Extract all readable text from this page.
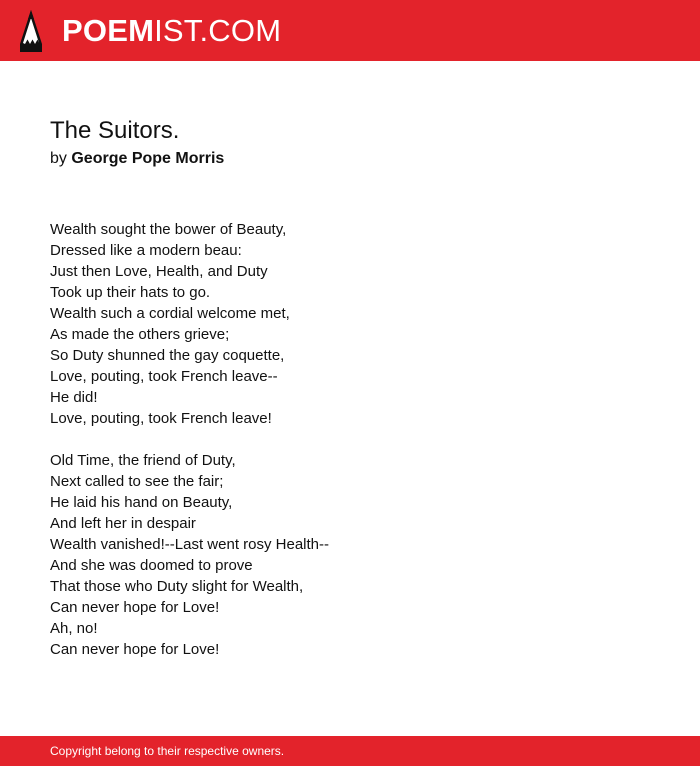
POEMIST.COM
The Suitors.
by George Pope Morris
Wealth sought the bower of Beauty,
Dressed like a modern beau:
Just then Love, Health, and Duty
Took up their hats to go.
Wealth such a cordial welcome met,
As made the others grieve;
So Duty shunned the gay coquette,
Love, pouting, took French leave--
He did!
Love, pouting, took French leave!
Old Time, the friend of Duty,
Next called to see the fair;
He laid his hand on Beauty,
And left her in despair
Wealth vanished!--Last went rosy Health--
And she was doomed to prove
That those who Duty slight for Wealth,
Can never hope for Love!
Ah, no!
Can never hope for Love!
Copyright belong to their respective owners.
